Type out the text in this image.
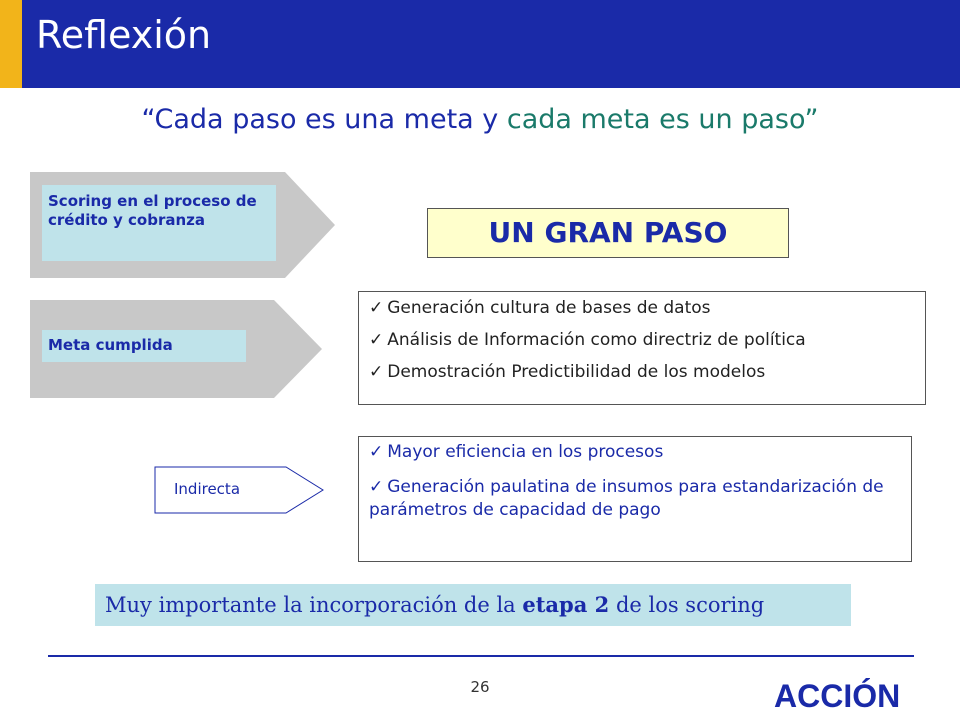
Reflexión
“Cada paso es una meta y cada meta es un paso”
Scoring en el proceso de crédito y cobranza
Meta cumplida
UN GRAN PASO
✓ Generación cultura de bases de datos
✓ Análisis de Información como directriz de política
✓ Demostración Predictibilidad de los modelos
Indirecta
✓ Mayor eficiencia en los procesos
✓ Generación paulatina de insumos para estandarización de parámetros de capacidad de pago
Muy importante la incorporación de la etapa 2 de los scoring
26	ACCIÓN
